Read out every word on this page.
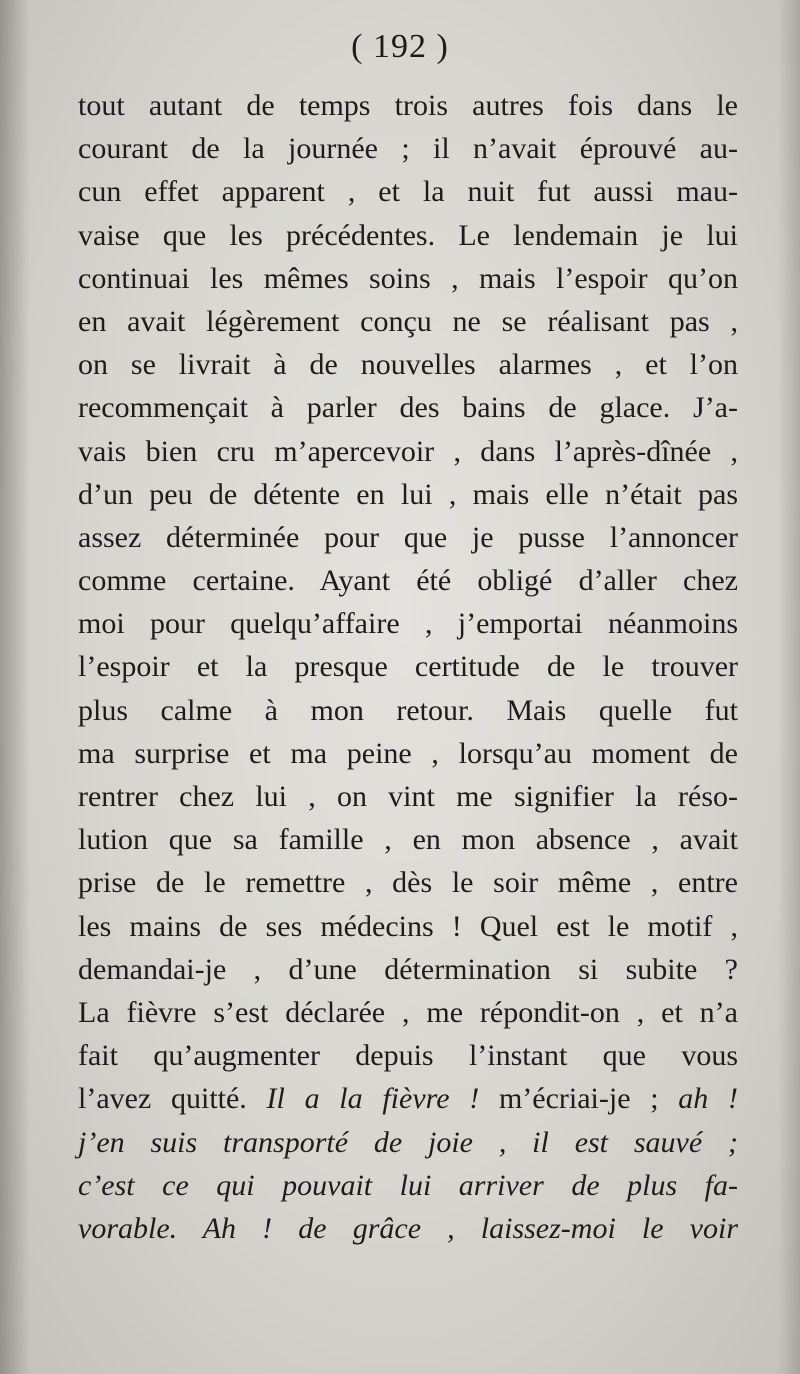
( 192 )
tout autant de temps trois autres fois dans le
courant de la journée ; il n’avait éprouvé au-
cun effet apparent , et la nuit fut aussi mau-
vaise que les précédentes. Le lendemain je lui
continuai les mêmes soins , mais l’espoir qu’on
en avait légèrement conçu ne se réalisant pas ,
on se livrait à de nouvelles alarmes , et l’on
recommençait à parler des bains de glace. J’a-
vais bien cru m’apercevoir , dans l’après-dînée ,
d’un peu de détente en lui , mais elle n’était pas
assez déterminée pour que je pusse l’annoncer
comme certaine. Ayant été obligé d’aller chez
moi pour quelqu’affaire , j’emportai néanmoins
l’espoir et la presque certitude de le trouver
plus calme à mon retour. Mais quelle fut
ma surprise et ma peine , lorsqu’au moment de
rentrer chez lui , on vint me signifier la réso-
lution que sa famille , en mon absence , avait
prise de le remettre , dès le soir même , entre
les mains de ses médecins ! Quel est le motif ,
demandai-je , d’une détermination si subite ?
La fièvre s’est déclarée , me répondit-on , et n’a
fait qu’augmenter depuis l’instant que vous
l’avez quitté. Il a la fièvre ! m’écriai-je ; ah !
j’en suis transporté de joie , il est sauvé ;
c’est ce qui pouvait lui arriver de plus fa-
vorable. Ah ! de grâce , laissez-moi le voir
